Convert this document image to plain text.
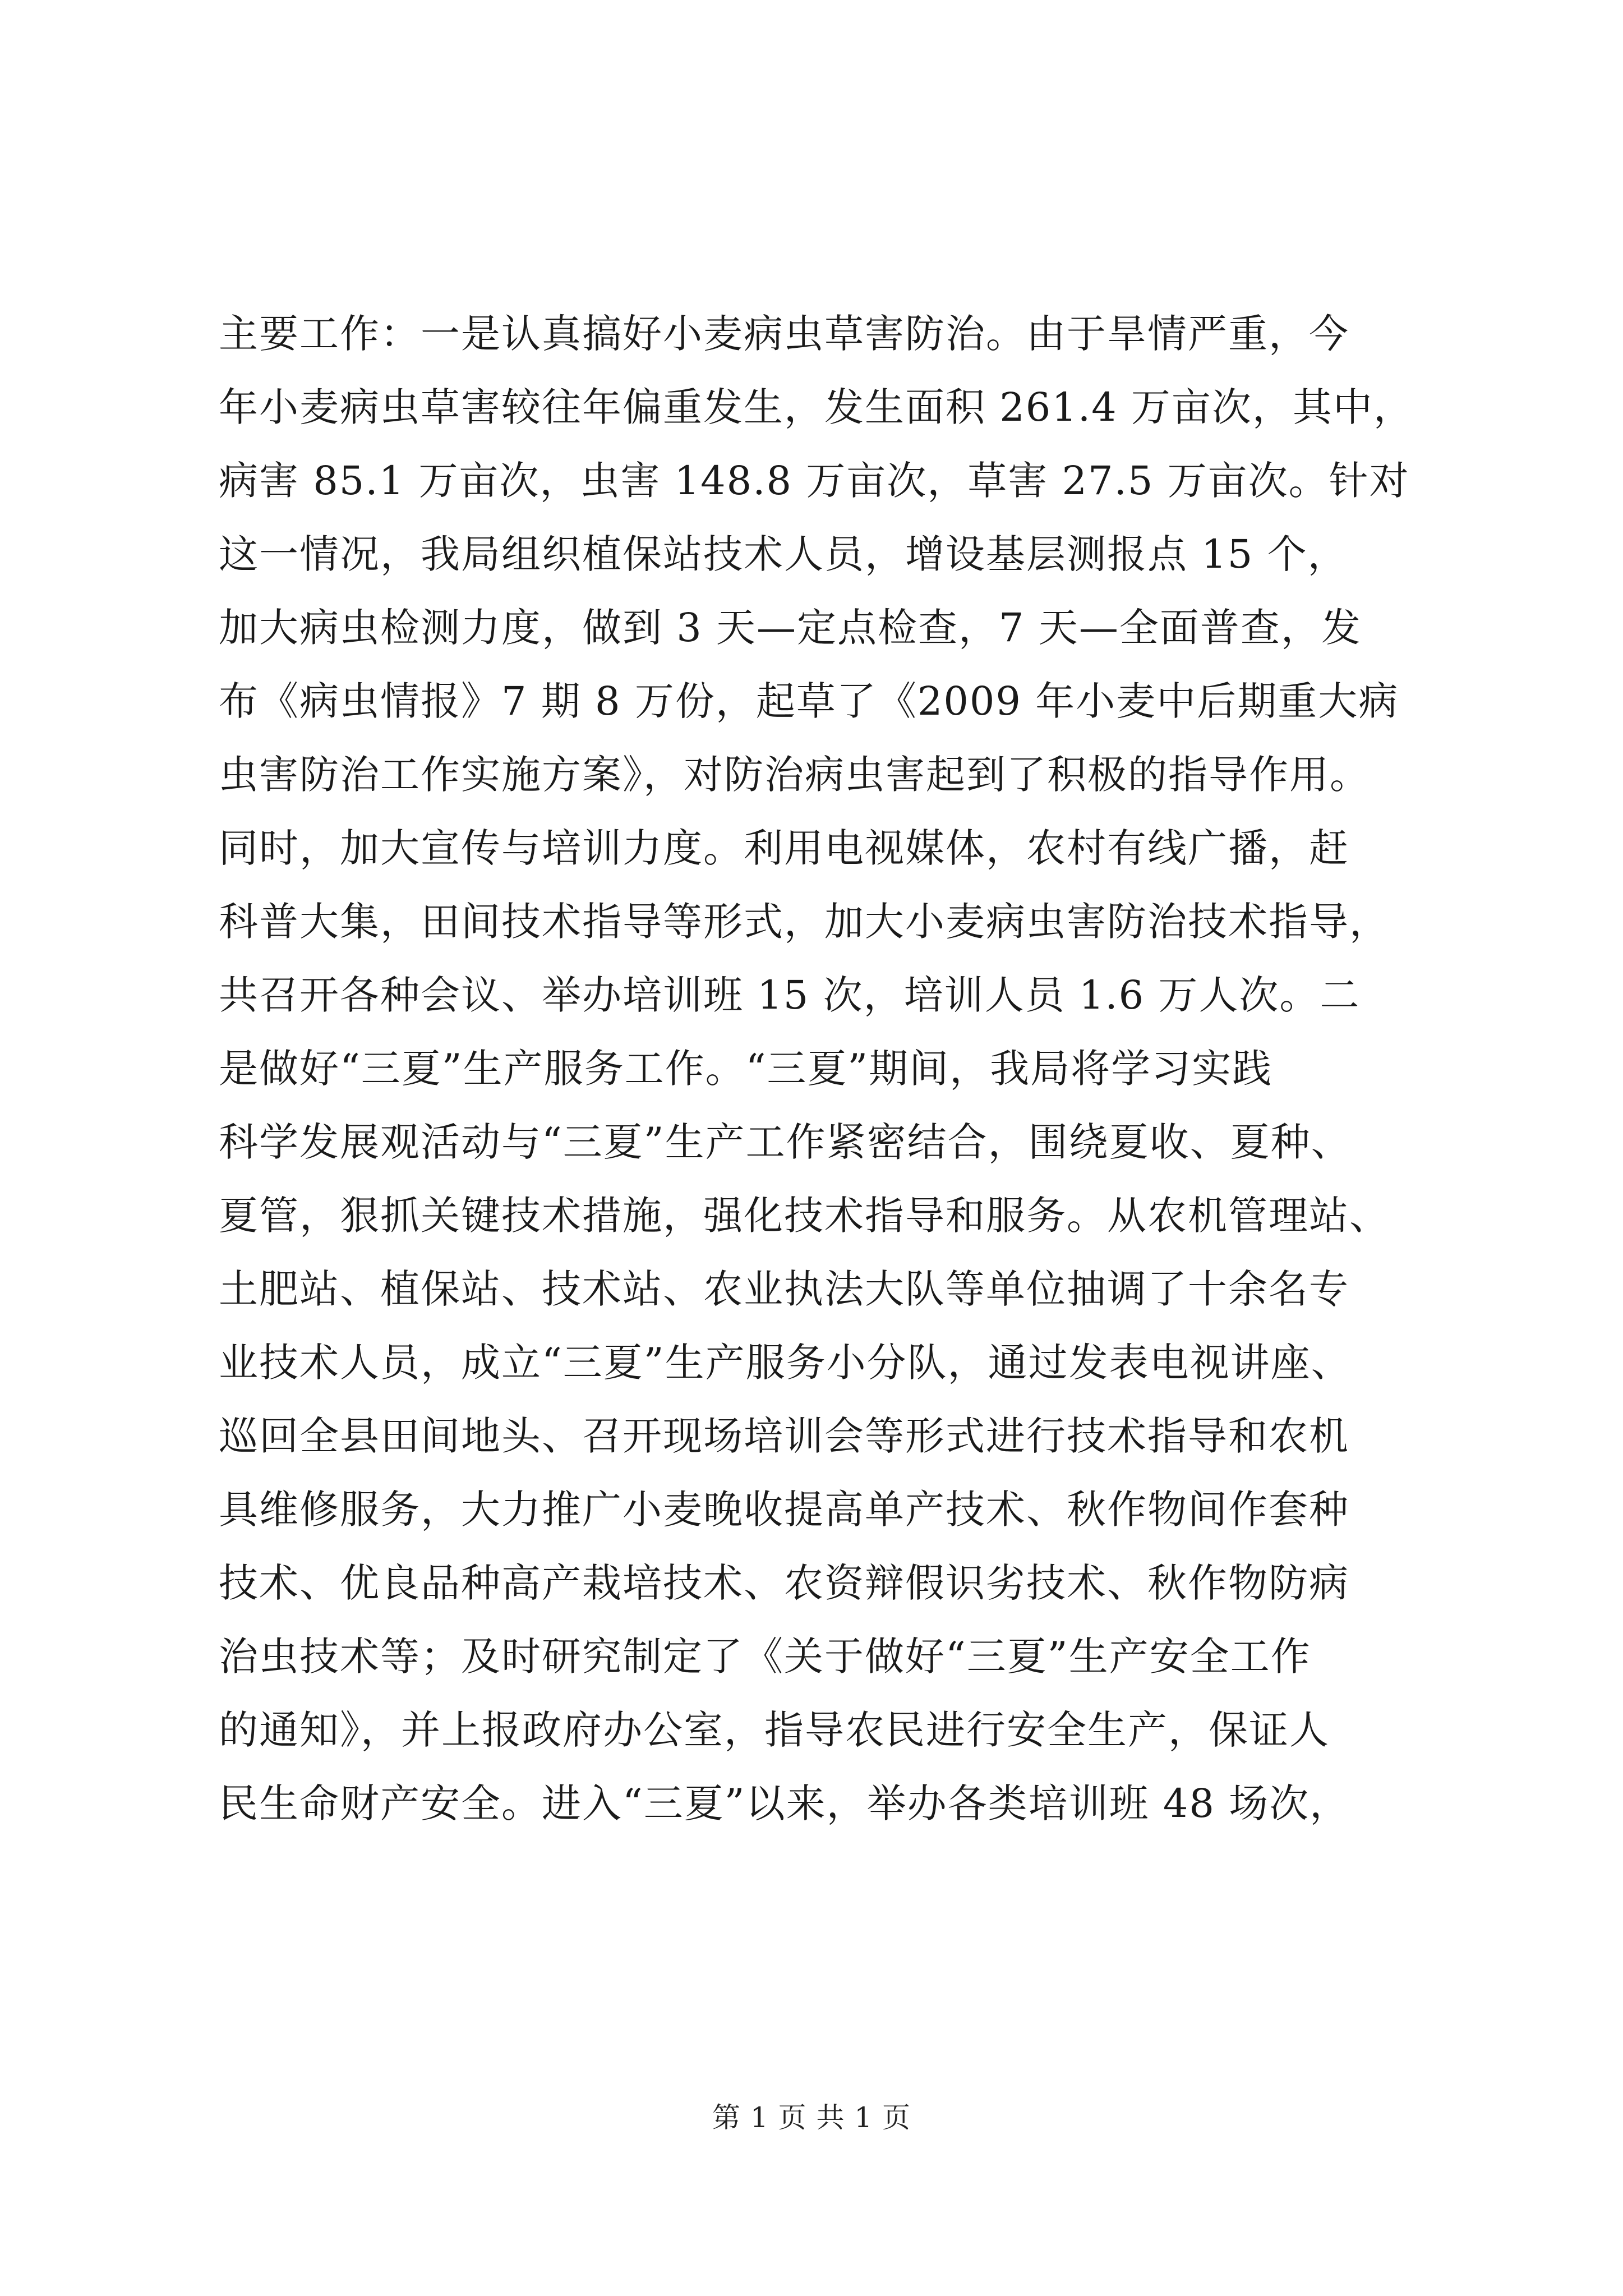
主要工作：一是认真搞好小麦病虫草害防治。由于旱情严重，今
年小麦病虫草害较往年偏重发生，发生面积 261.4 万亩次，其中，
病害 85.1 万亩次，虫害 148.8 万亩次，草害 27.5 万亩次。针对
这一情况，我局组织植保站技术人员，增设基层测报点 15 个，
加大病虫检测力度，做到 3 天—定点检查，7 天—全面普查，发
布《病虫情报》7 期 8 万份，起草了《2009 年小麦中后期重大病
虫害防治工作实施方案》，对防治病虫害起到了积极的指导作用。
同时，加大宣传与培训力度。利用电视媒体，农村有线广播，赶
科普大集，田间技术指导等形式，加大小麦病虫害防治技术指导，
共召开各种会议、举办培训班 15 次，培训人员 1.6 万人次。二
是做好“三夏”生产服务工作。“三夏”期间，我局将学习实践
科学发展观活动与“三夏”生产工作紧密结合，围绕夏收、夏种、
夏管，狠抓关键技术措施，强化技术指导和服务。从农机管理站、
土肥站、植保站、技术站、农业执法大队等单位抽调了十余名专
业技术人员，成立“三夏”生产服务小分队，通过发表电视讲座、
巡回全县田间地头、召开现场培训会等形式进行技术指导和农机
具维修服务，大力推广小麦晚收提高单产技术、秋作物间作套种
技术、优良品种高产栽培技术、农资辩假识劣技术、秋作物防病
治虫技术等；及时研究制定了《关于做好“三夏”生产安全工作
的通知》，并上报政府办公室，指导农民进行安全生产，保证人
民生命财产安全。进入“三夏”以来，举办各类培训班 48 场次，
第 1 页 共 1 页
